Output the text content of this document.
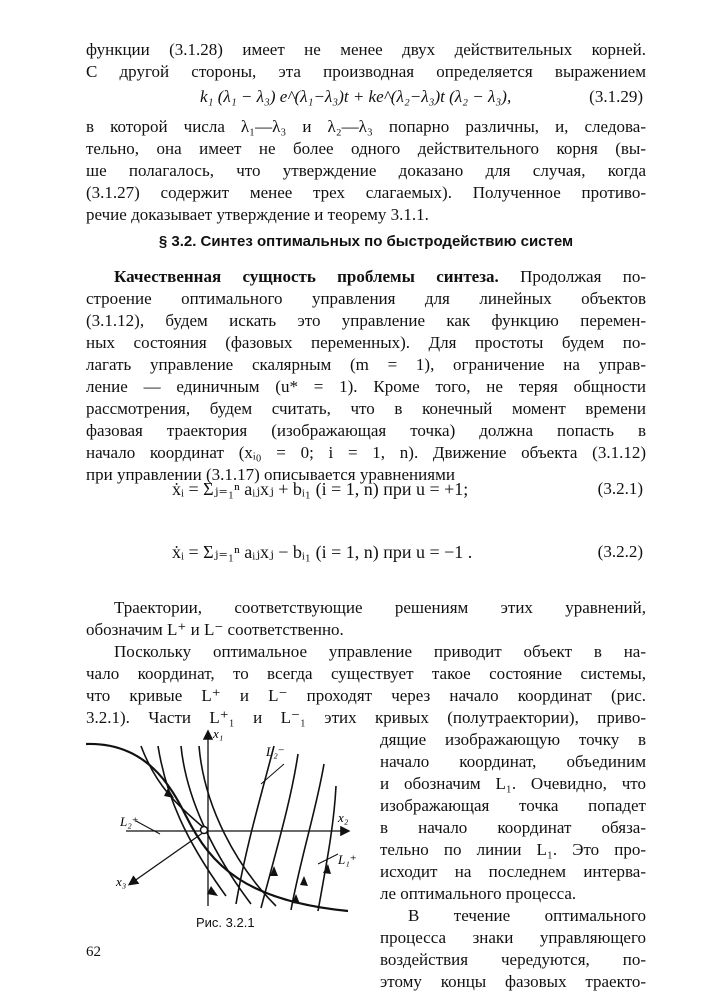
функции (3.1.28) имеет не менее двух действительных корней.
С другой стороны, эта производная определяется выражением
k₁ (λ₁ − λ₃) e^(λ₁−λ₃)t + ke^(λ₂−λ₃)t (λ₂ − λ₃),	(3.1.29)
в которой числа λ₁—λ₃ и λ₂—λ₃ попарно различны, и, следова-
тельно, она имеет не более одного действительного корня (вы-
ше полагалось, что утверждение доказано для случая, когда
(3.1.27) содержит менее трех слагаемых). Полученное противо-
речие доказывает утверждение и теорему 3.1.1.
§ 3.2. Синтез оптимальных по быстродействию систем
Качественная сущность проблемы синтеза. Продолжая по-
строение оптимального управления для линейных объектов
(3.1.12), будем искать это управление как функцию перемен-
ных состояния (фазовых переменных). Для простоты будем по-
лагать управление скалярным (m = 1), ограничение на управ-
ление — единичным (u* = 1). Кроме того, не теряя общности
рассмотрения, будем считать, что в конечный момент времени
фазовая траектория (изображающая точка) должна попасть в
начало координат (xᵢ₀ = 0; i = 1, n). Движение объекта (3.1.12)
при управлении (3.1.17) описывается уравнениями
ẋᵢ = Σⱼ₌₁ⁿ aᵢⱼxⱼ + bᵢ₁ (i = 1, n) при u = +1;	(3.2.1)
ẋᵢ = Σⱼ₌₁ⁿ aᵢⱼxⱼ − bᵢ₁ (i = 1, n) при u = −1 .	(3.2.2)
Траектории, соответствующие решениям этих уравнений,
обозначим L⁺ и L⁻ соответственно.
Поскольку оптимальное управление приводит объект в на-
чало координат, то всегда существует такое состояние системы,
что кривые L⁺ и L⁻ проходят через начало координат (рис.
3.2.1). Части L⁺₁ и L⁻₁ этих кривых (полутраектории), приво-
дящие изображающую точку в
начало координат, объединим
и обозначим L₁. Очевидно, что
изображающая точка попадет
в начало координат обяза-
тельно по линии L₁. Это про-
исходит на последнем интерва-
ле оптимального процесса.
В течение оптимального
процесса знаки управляющего
воздействия чередуются, по-
этому концы фазовых траекто-
x₁
x₂
x₃
L₂⁻
L₂⁺
L₁⁺
Рис. 3.2.1
62
